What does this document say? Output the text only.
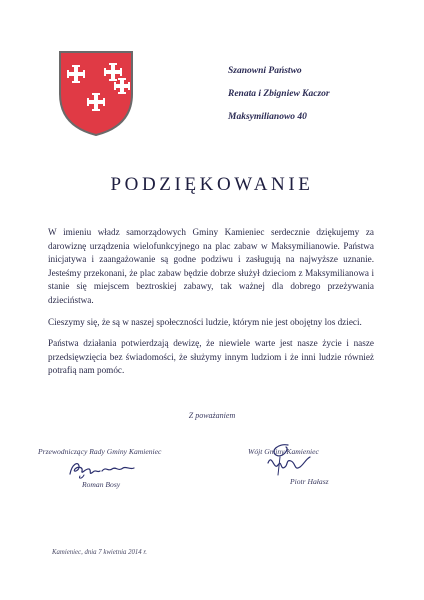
Szanowni Państwo
Renata i Zbigniew Kaczor
Maksymilianowo 40
PODZIĘKOWANIE

W imieniu władz samorządowych Gminy Kamieniec serdecznie dziękujemy za darowiznę urządzenia wielofunkcyjnego na plac zabaw w Maksymilianowie. Państwa inicjatywa i zaangażowanie są godne podziwu i zasługują na najwyższe uznanie. Jesteśmy przekonani, że plac zabaw będzie dobrze służył dzieciom z Maksymilianowa i stanie się miejscem beztroskiej zabawy, tak ważnej dla dobrego przeżywania dzieciństwa.

Cieszymy się, że są w naszej społeczności ludzie, którym nie jest obojętny los dzieci.

Państwa działania potwierdzają dewizę, że niewiele warte jest nasze życie i nasze przedsięwzięcia bez świadomości, że służymy innym ludziom i że inni ludzie również potrafią nam pomóc.

Z poważaniem
Przewodniczący Rady Gminy Kamieniec
Roman Bosy
Wójt Gminy Kamieniec
Piotr Hałasz
Kamieniec, dnia 7 kwietnia 2014 r.
